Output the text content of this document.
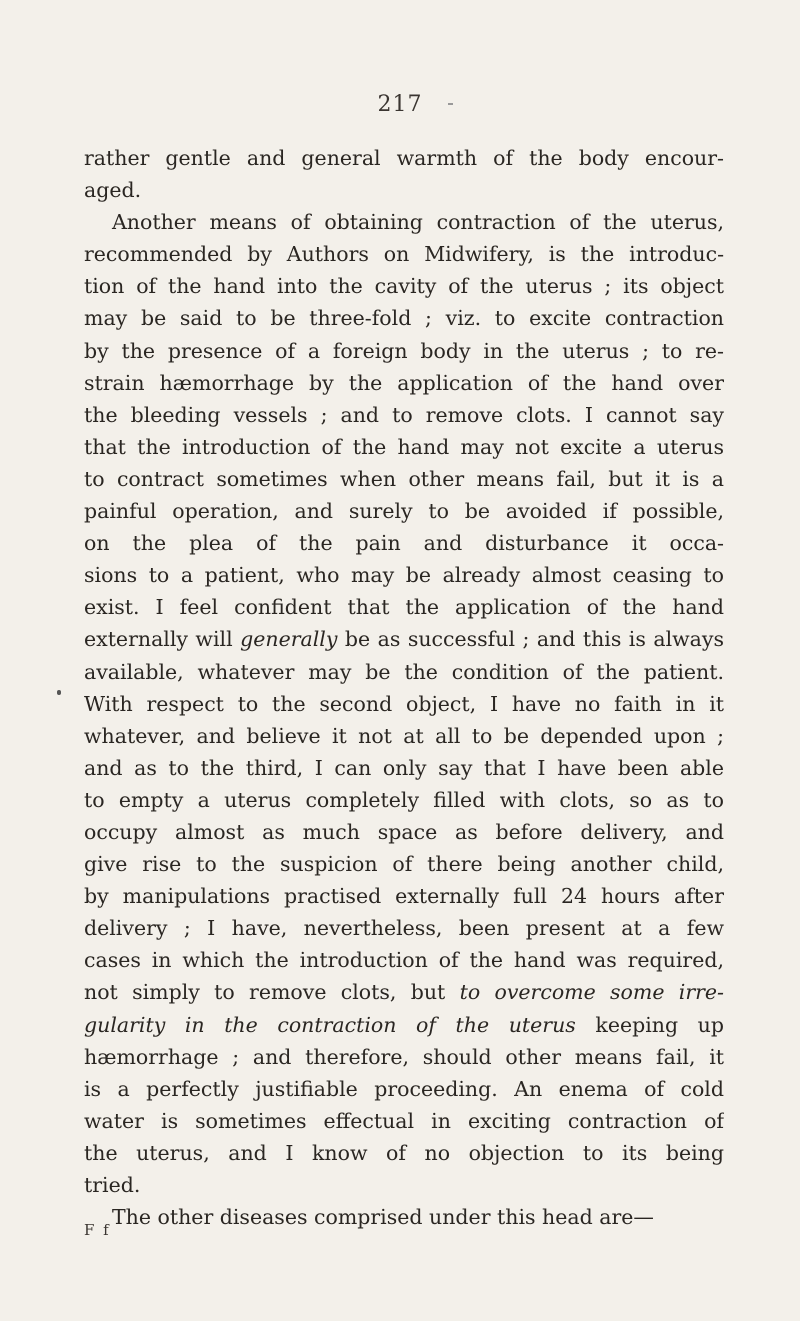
217
rather gentle and general warmth of the body encour-
aged.
Another means of obtaining contraction of the uterus,
recommended by Authors on Midwifery, is the introduc-
tion of the hand into the cavity of the uterus ; its object
may be said to be three-fold ; viz. to excite contraction
by the presence of a foreign body in the uterus ; to re-
strain hæmorrhage by the application of the hand over
the bleeding vessels ; and to remove clots. I cannot say
that the introduction of the hand may not excite a uterus
to contract sometimes when other means fail, but it is a
painful operation, and surely to be avoided if possible,
on the plea of the pain and disturbance it occa-
sions to a patient, who may be already almost ceasing to
exist. I feel confident that the application of the hand
externally will generally be as successful ; and this is always
available, whatever may be the condition of the patient.
With respect to the second object, I have no faith in it
whatever, and believe it not at all to be depended upon ;
and as to the third, I can only say that I have been able
to empty a uterus completely filled with clots, so as to
occupy almost as much space as before delivery, and
give rise to the suspicion of there being another child,
by manipulations practised externally full 24 hours after
delivery ; I have, nevertheless, been present at a few
cases in which the introduction of the hand was required,
not simply to remove clots, but to overcome some irre-
gularity in the contraction of the uterus keeping up
hæmorrhage ; and therefore, should other means fail, it
is a perfectly justifiable proceeding. An enema of cold
water is sometimes effectual in exciting contraction of
the uterus, and I know of no objection to its being
tried.
The other diseases comprised under this head are—
F f
